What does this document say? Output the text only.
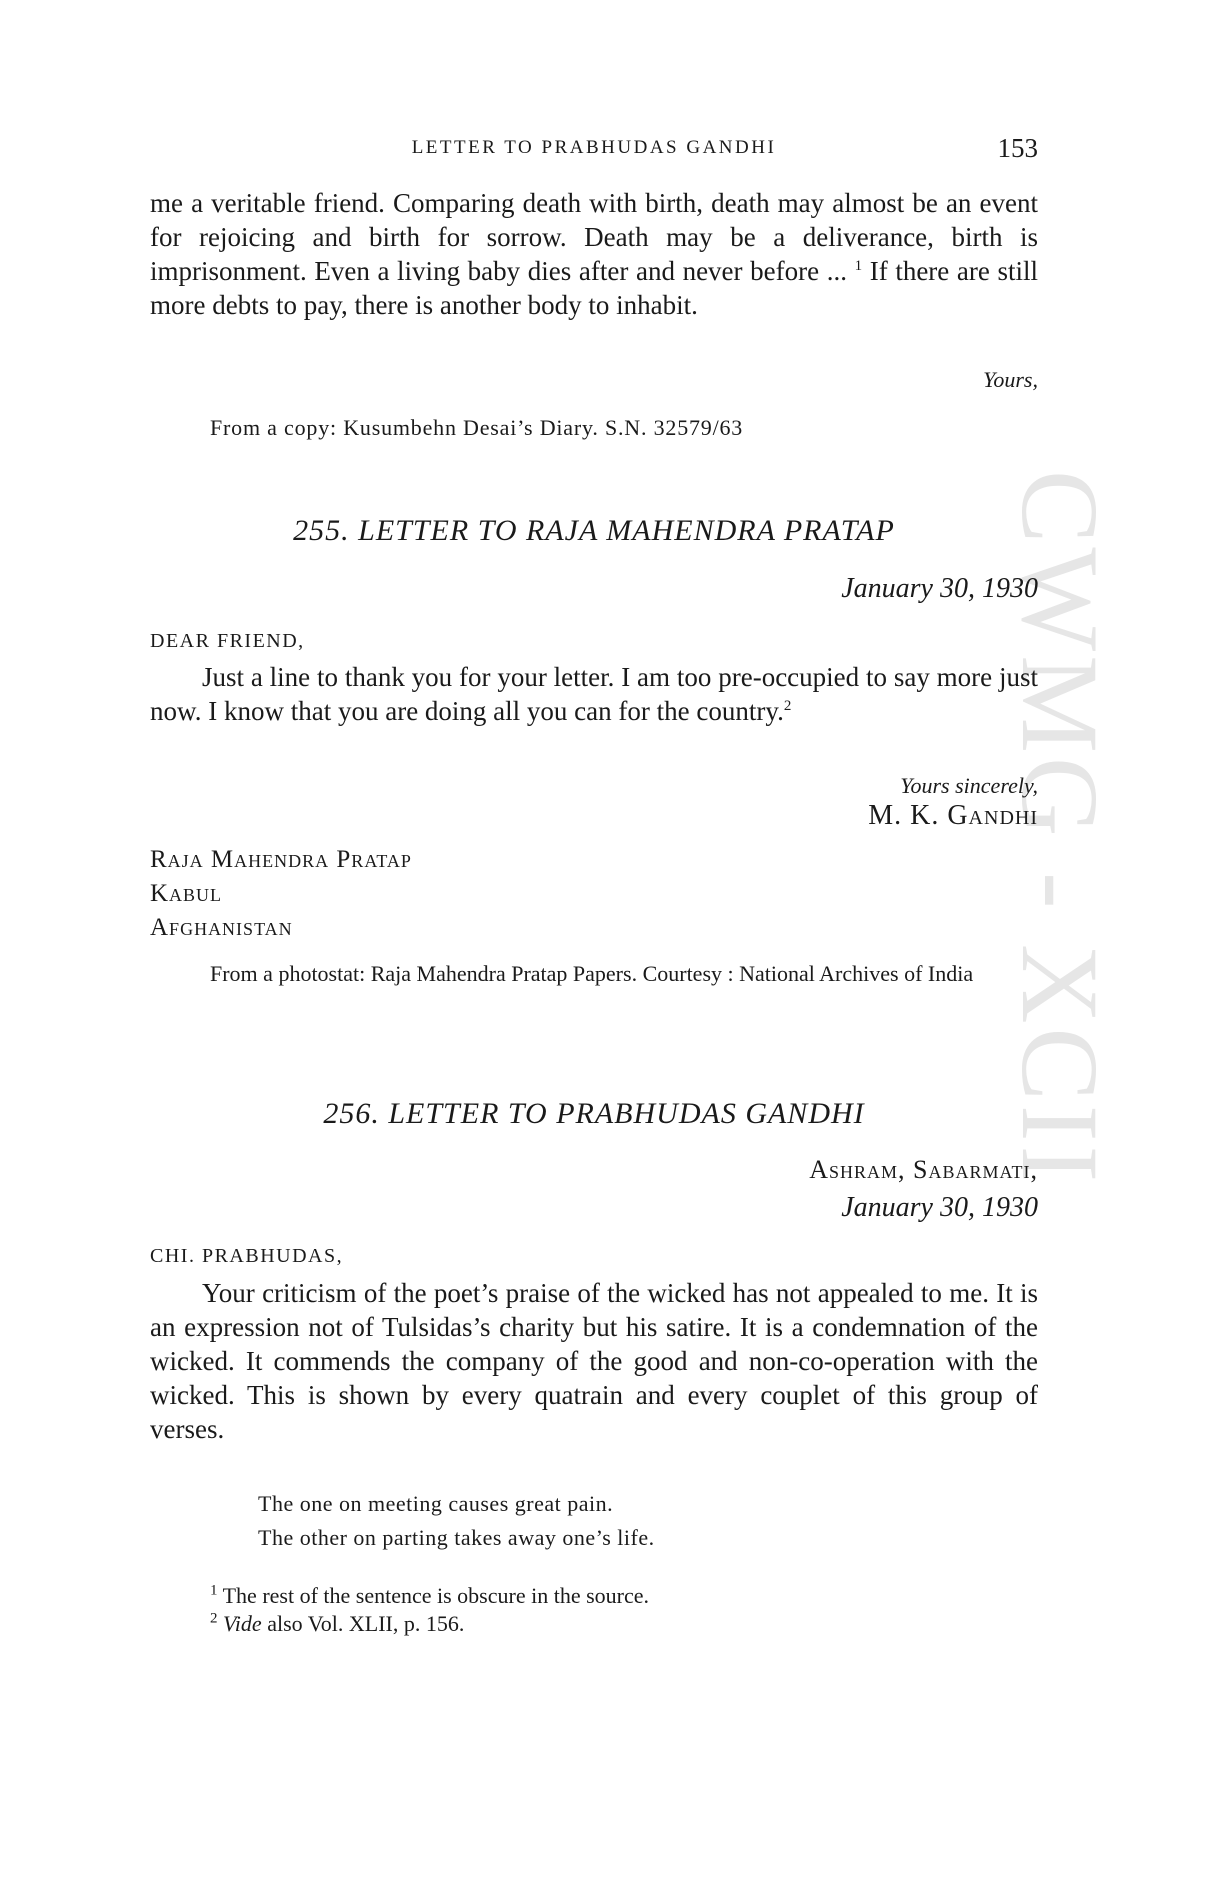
CWMG - XCII
LETTER TO PRABHUDAS GANDHI	153
me a veritable friend. Comparing death with birth, death may almost be an event for rejoicing and birth for sorrow. Death may be a deliverance, birth is imprisonment. Even a living baby dies after and never before ... $^1$ If there are still more debts to pay, there is another body to inhabit.
Yours,
From a copy: Kusumbehn Desai’s Diary. S.N. 32579/63
255. LETTER TO RAJA MAHENDRA PRATAP
January 30, 1930
DEAR FRIEND,
Just a line to thank you for your letter. I am too pre-occupied to say more just now. I know that you are doing all you can for the country.$^2$
Yours sincerely,
M. K. Gandhi
Raja Mahendra Pratap
Kabul
Afghanistan
From a photostat: Raja Mahendra Pratap Papers. Courtesy : National Archives of India
256. LETTER TO PRABHUDAS GANDHI
Ashram, Sabarmati,
January 30, 1930
CHI. PRABHUDAS,
Your criticism of the poet’s praise of the wicked has not appealed to me. It is an expression not of Tulsidas’s charity but his satire. It is a condemnation of the wicked. It commends the company of the good and non-co-operation with the wicked. This is shown by every quatrain and every couplet of this group of verses.
The one on meeting causes great pain.
The other on parting takes away one’s life.
$^1$ The rest of the sentence is obscure in the source.
$^2$ Vide also Vol. XLII, p. 156.
